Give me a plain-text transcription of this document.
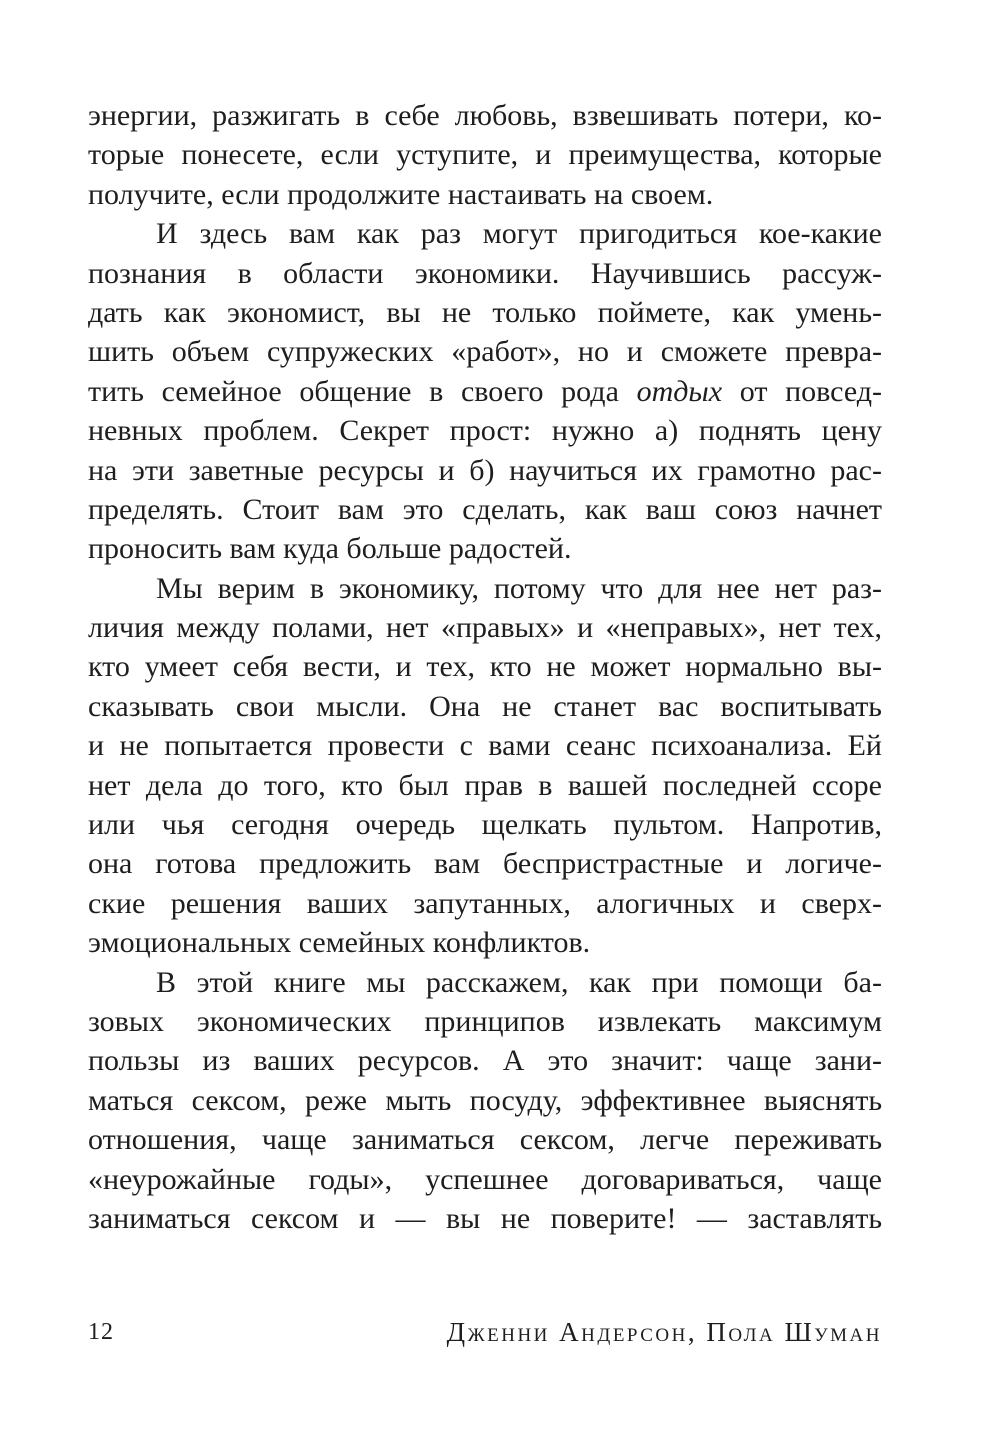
энергии, разжигать в себе любовь, взвешивать потери, ко-
торые понесете, если уступите, и преимущества, которые
получите, если продолжите настаивать на своем.
И здесь вам как раз могут пригодиться кое-какие
познания в области экономики. Научившись рассуж-
дать как экономист, вы не только поймете, как умень-
шить объем супружеских «работ», но и сможете превра-
тить семейное общение в своего рода отдых от повсед-
невных проблем. Секрет прост: нужно а) поднять цену
на эти заветные ресурсы и б) научиться их грамотно рас-
пределять. Стоит вам это сделать, как ваш союз начнет
проносить вам куда больше радостей.
Мы верим в экономику, потому что для нее нет раз-
личия между полами, нет «правых» и «неправых», нет тех,
кто умеет себя вести, и тех, кто не может нормально вы-
сказывать свои мысли. Она не станет вас воспитывать
и не попытается провести с вами сеанс психоанализа. Ей
нет дела до того, кто был прав в вашей последней ссоре
или чья сегодня очередь щелкать пультом. Напротив,
она готова предложить вам беспристрастные и логиче-
ские решения ваших запутанных, алогичных и сверх-
эмоциональных семейных конфликтов.
В этой книге мы расскажем, как при помощи ба-
зовых экономических принципов извлекать максимум
пользы из ваших ресурсов. А это значит: чаще зани-
маться сексом, реже мыть посуду, эффективнее выяснять
отношения, чаще заниматься сексом, легче переживать
«неурожайные годы», успешнее договариваться, чаще
заниматься сексом и — вы не поверите! — заставлять
12	Дженни Андерсон, Пола Шуман
